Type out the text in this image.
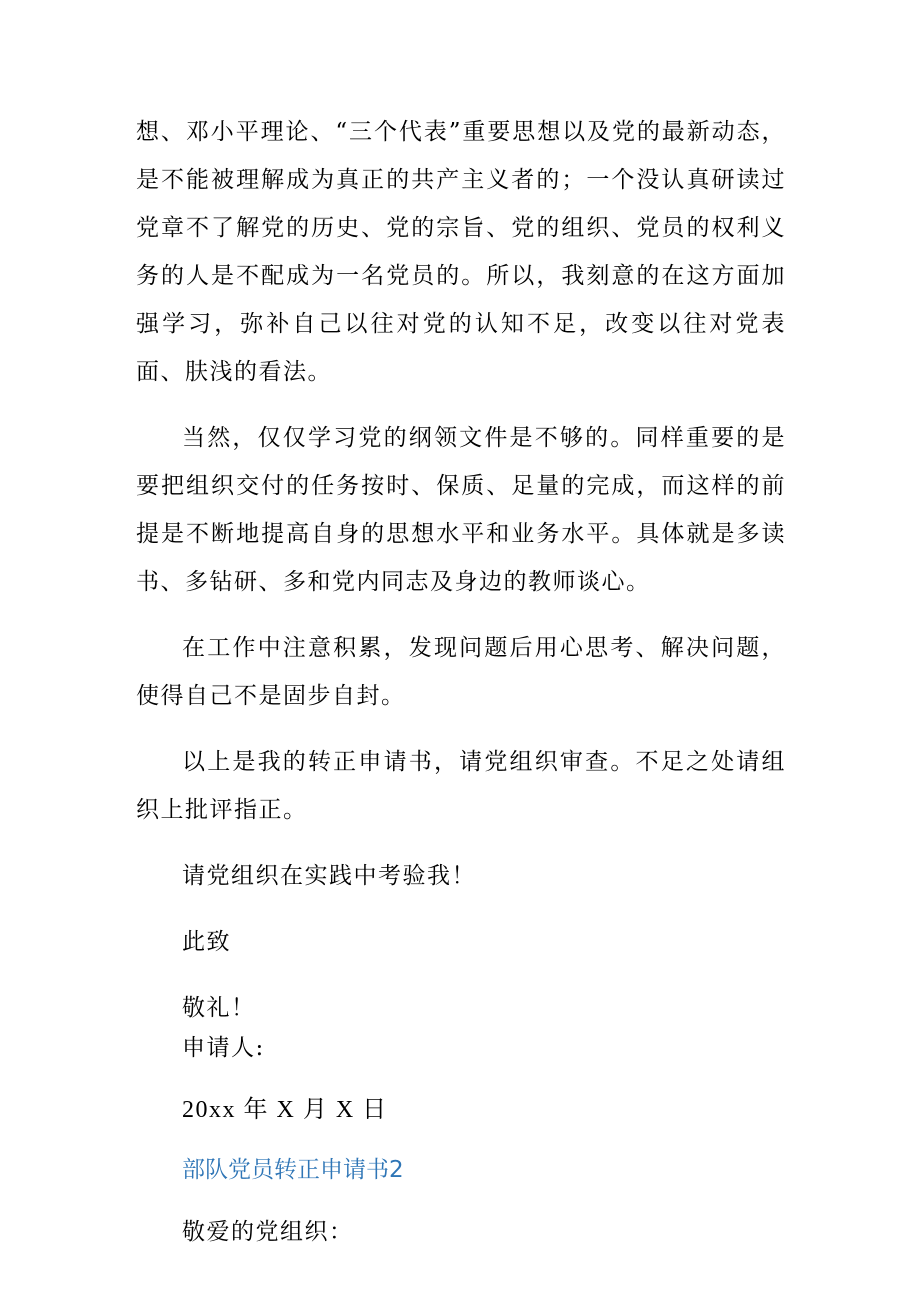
想、邓小平理论、“三个代表”重要思想以及党的最新动态，是不能被理解成为真正的共产主义者的；一个没认真研读过党章不了解党的历史、党的宗旨、党的组织、党员的权利义务的人是不配成为一名党员的。所以，我刻意的在这方面加强学习，弥补自己以往对党的认知不足，改变以往对党表面、肤浅的看法。

当然，仅仅学习党的纲领文件是不够的。同样重要的是要把组织交付的任务按时、保质、足量的完成，而这样的前提是不断地提高自身的思想水平和业务水平。具体就是多读书、多钻研、多和党内同志及身边的教师谈心。

在工作中注意积累，发现问题后用心思考、解决问题，使得自己不是固步自封。

以上是我的转正申请书，请党组织审查。不足之处请组织上批评指正。

请党组织在实践中考验我！

此致

敬礼！

申请人:

20xx 年 X 月 X 日

部队党员转正申请书2

敬爱的党组织：
